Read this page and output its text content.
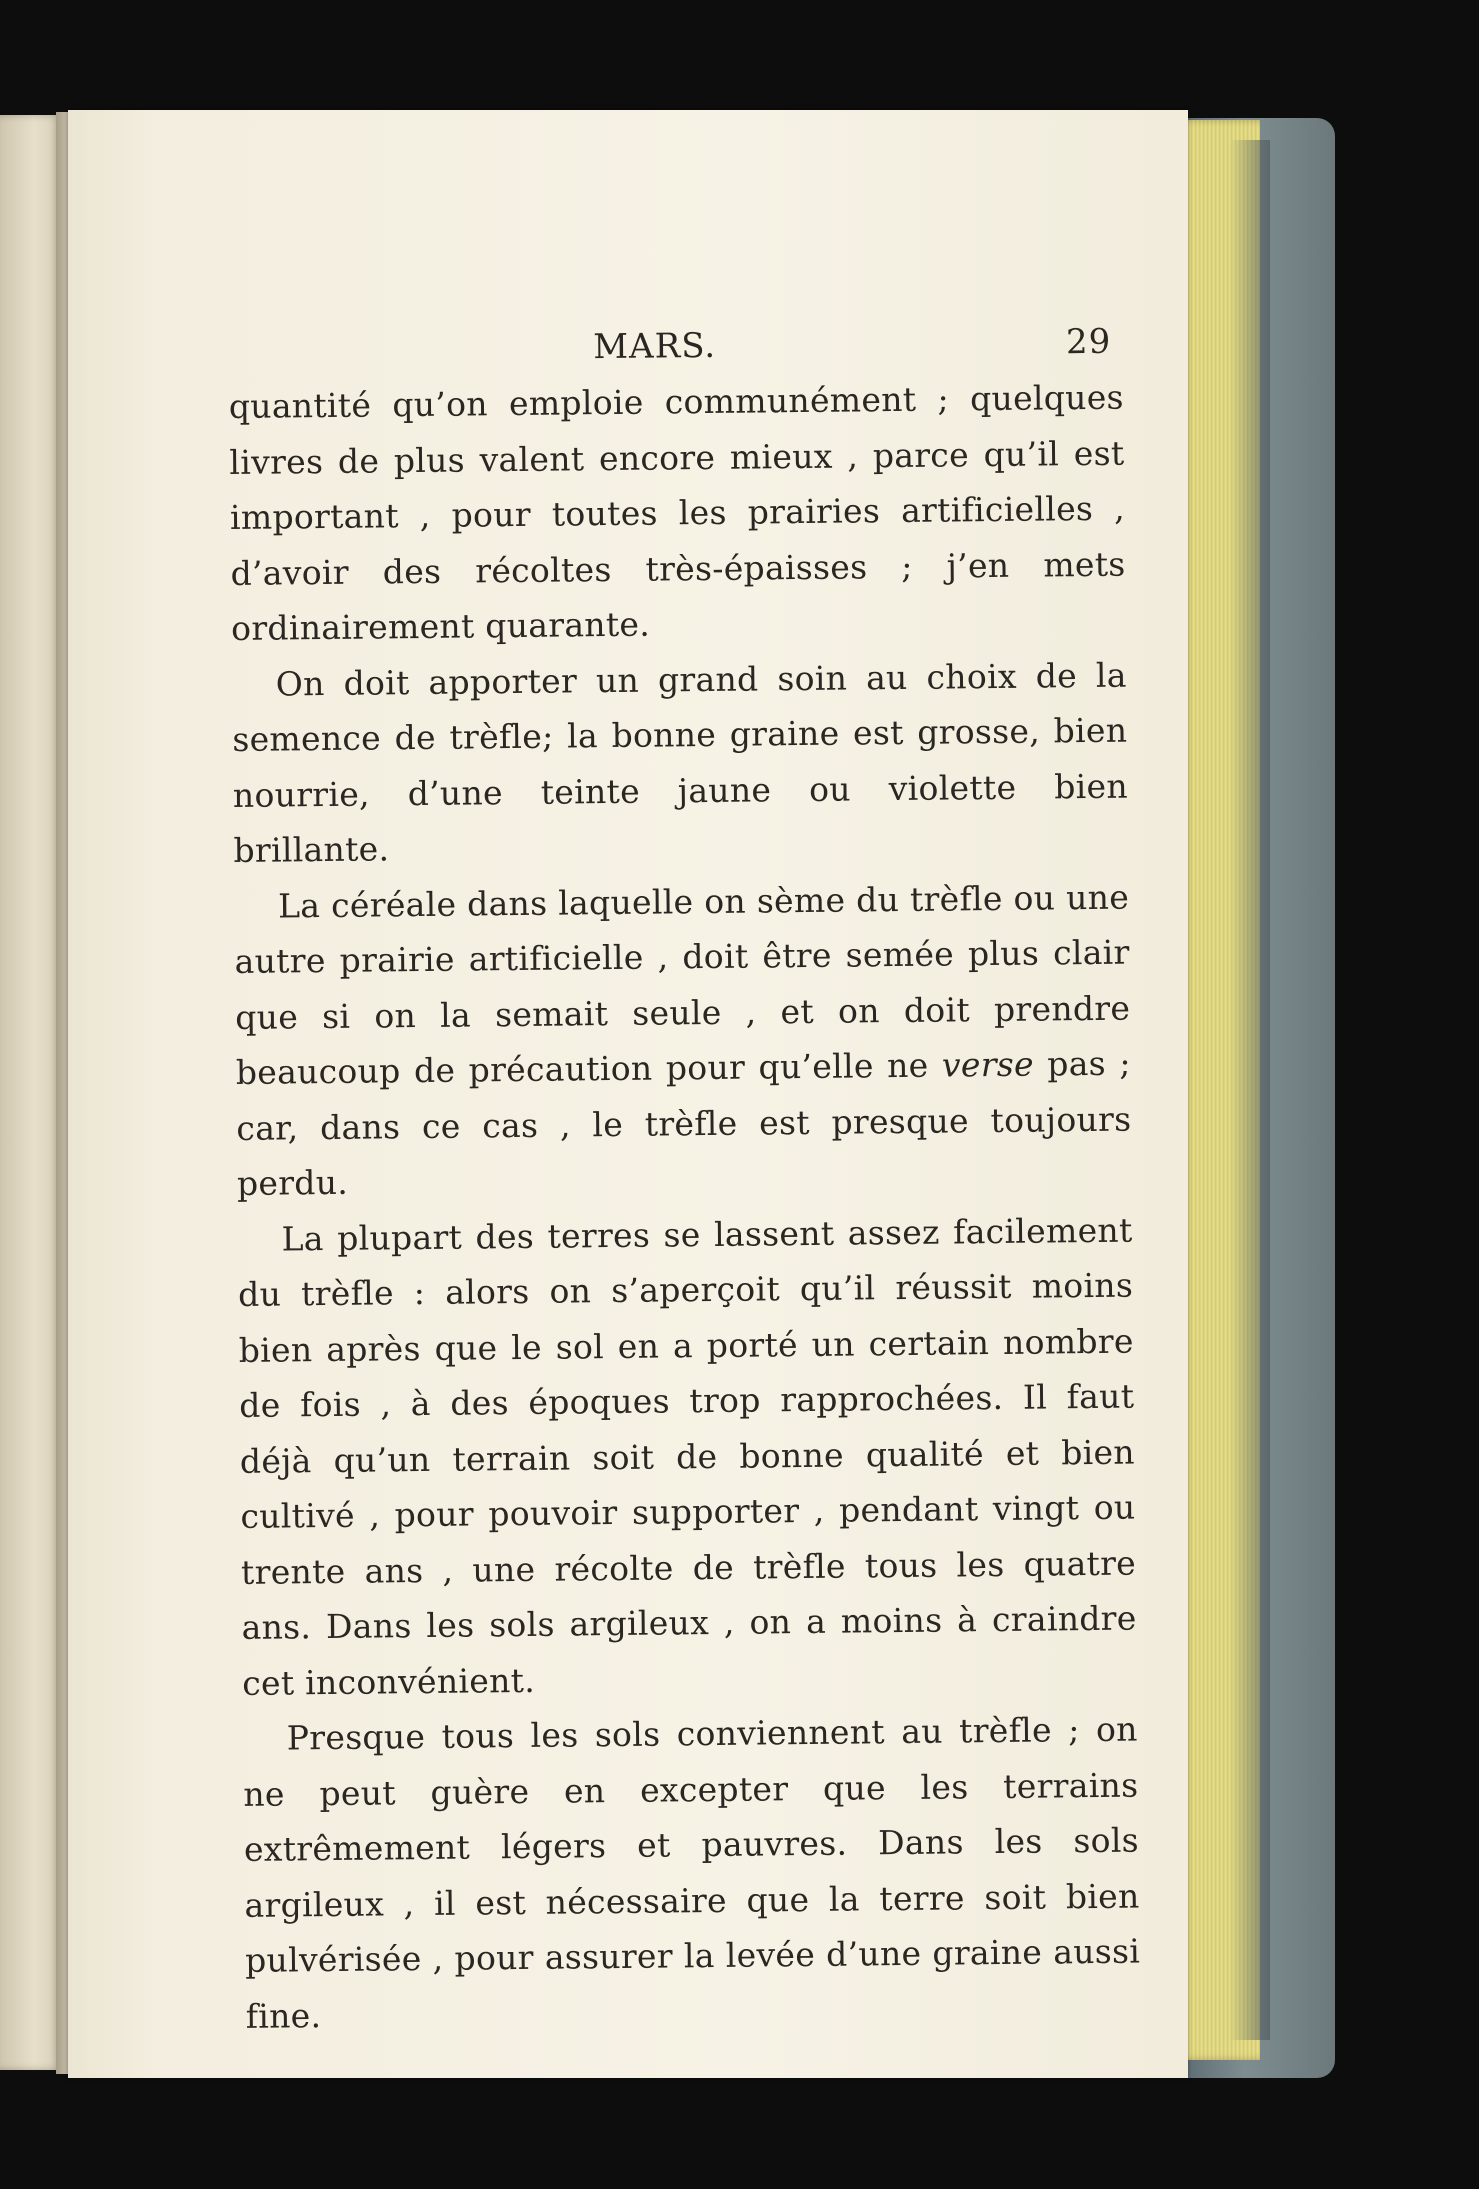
MARS.	29

quantité qu’on emploie communément ; quelques livres de plus valent encore mieux , parce qu’il est important , pour toutes les prairies artificielles , d’avoir des récoltes très-épaisses ; j’en mets ordinairement quarante.

On doit apporter un grand soin au choix de la semence de trèfle; la bonne graine est grosse, bien nourrie, d’une teinte jaune ou violette bien brillante.

La céréale dans laquelle on sème du trèfle ou une autre prairie artificielle , doit être semée plus clair que si on la semait seule , et on doit prendre beaucoup de précaution pour qu’elle ne verse pas ; car, dans ce cas , le trèfle est presque toujours perdu.

La plupart des terres se lassent assez facilement du trèfle : alors on s’aperçoit qu’il réussit moins bien après que le sol en a porté un certain nombre de fois , à des époques trop rapprochées. Il faut déjà qu’un terrain soit de bonne qualité et bien cultivé , pour pouvoir supporter , pendant vingt ou trente ans , une récolte de trèfle tous les quatre ans. Dans les sols argileux , on a moins à craindre cet inconvénient.

Presque tous les sols conviennent au trèfle ; on ne peut guère en excepter que les terrains extrêmement légers et pauvres. Dans les sols argileux , il est nécessaire que la terre soit bien pulvérisée , pour assurer la levée d’une graine aussi fine.
